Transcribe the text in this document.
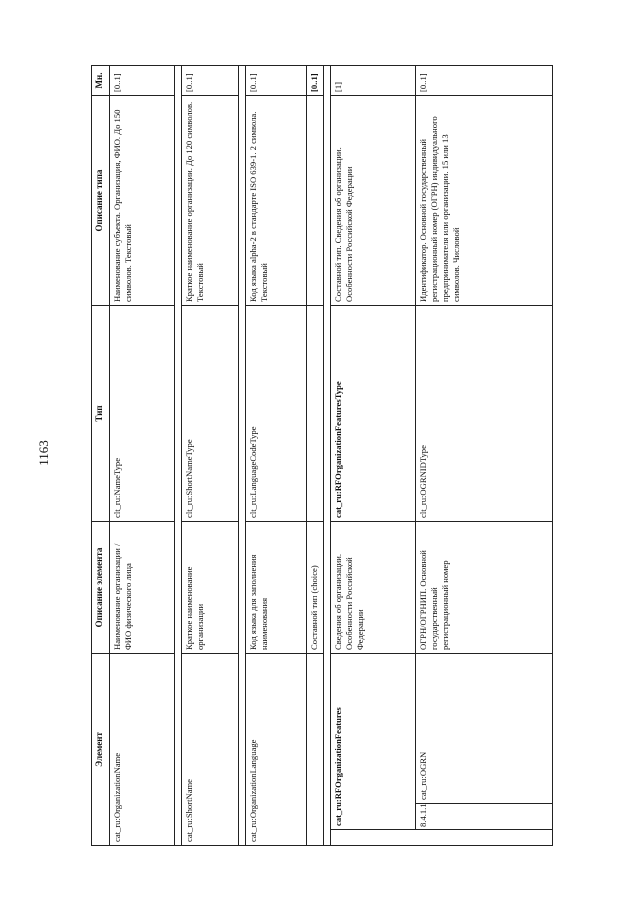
1163
Элемент			Описание элемента	Тип	Описание типа	Мн.
cat_ru:OrganizationName			Наименование организации / ФИО физического лица	clt_ru:NameType	Наименование субъекта. Организация, ФИО. До 150 символов. Текстовый	[0..1]

cat_ru:ShortName			Краткое наименование организации	clt_ru:ShortNameType	Краткое наименование организации. До 120 символов. Текстовый	[0..1]

cat_ru:OrganizationLanguage			Код языка для заполнения наименования	clt_ru:LanguageCodeType	Код языка alpha-2 в стандарте ISO 639-1. 2 символа. Текстовый	[0..1]
			Составной тип (choice)			[0..1]

	cat_ru:RFOrganizationFeatures		Сведения об организации. Особенности Российской Федерации	cat_ru:RFOrganizationFeaturesType	Составной тип. Сведения об организации. Особенности Российской Федерации	[1]
	8.4.1.1	cat_ru:OGRN	ОГРН/ОГРНИП. Основной государственный регистрационный номер	clt_ru:OGRNIDType	Идентификатор. Основной государственный регистрационный номер (ОГРН) индивидуального предпринимателя или организации. 15 или 13 символов. Числовой	[0..1]
